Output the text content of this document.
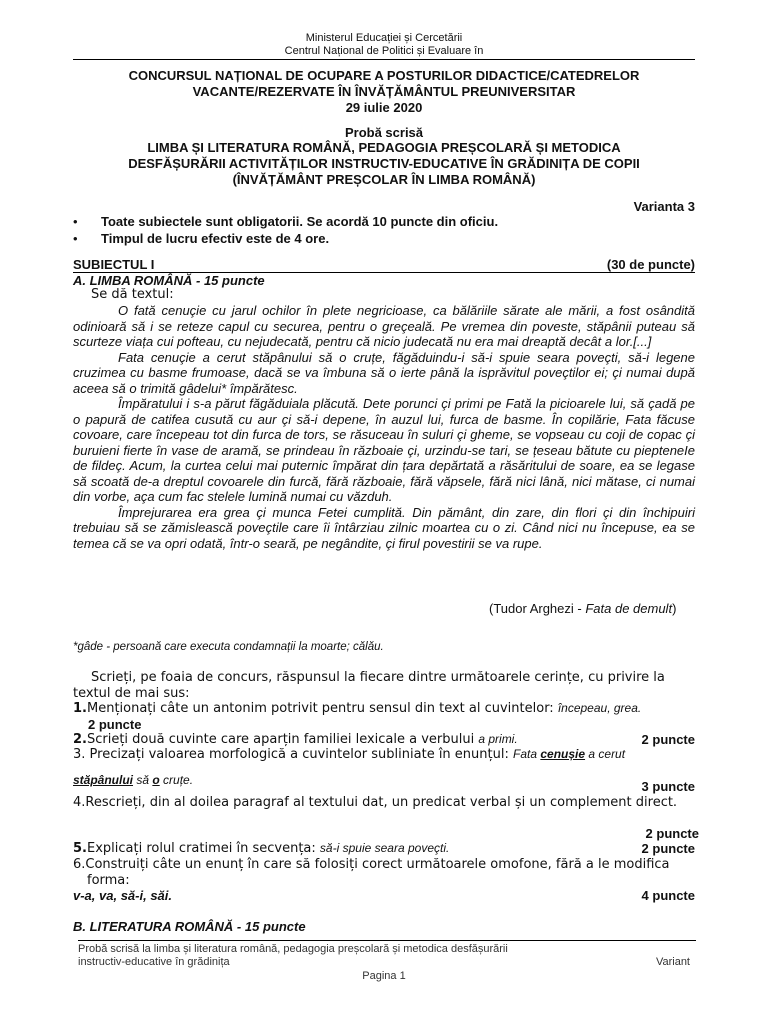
Ministerul Educației și Cercetării
Centrul Național de Politici și Evaluare în
CONCURSUL NAȚIONAL DE OCUPARE A POSTURILOR DIDACTICE/CATEDRELOR
VACANTE/REZERVATE ÎN ÎNVĂȚĂMÂNTUL PREUNIVERSITAR
29 iulie 2020
Probă scrisă
LIMBA ȘI LITERATURA ROMÂNĂ, PEDAGOGIA PREȘCOLARĂ ȘI METODICA
DESFĂȘURĂRII ACTIVITĂȚILOR INSTRUCTIV-EDUCATIVE ÎN GRĂDINIȚA DE COPII
(ÎNVĂȚĂMÂNT PREȘCOLAR ÎN LIMBA ROMÂNĂ)
Varianta 3
• Toate subiectele sunt obligatorii. Se acordă 10 puncte din oficiu.
• Timpul de lucru efectiv este de 4 ore.
SUBIECTUL I	(30 de puncte)
A. LIMBA ROMÂNĂ - 15 puncte
Se dă textul:

O fată cenuçie cu jarul ochilor în plete negricioase, ca bălăriile sărate ale mării, a fost osândită odinioară să i se reteze capul cu securea, pentru o greçeală. Pe vremea din poveste, stăpânii puteau să scurteze viața cui pofteau, cu nejudecată, pentru că nicio judecată nu era mai dreaptă decât a lor.[...]

Fata cenuçie a cerut stăpânului să o cruțe, făgăduindu-i să-i spuie seara poveçti, să-i legene cruzimea cu basme frumoase, dacă se va îmbuna să o ierte până la isprăvitul poveçtilor ei; çi numai după aceea să o trimită gâdelui* împărătesc.

Împăratului i s-a părut făgăduiala plăcută. Dete porunci çi primi pe Fată la picioarele lui, să çadă pe o papură de catifea cusută cu aur çi să-i depene, în auzul lui, furca de basme. În copilărie, Fata făcuse covoare, care începeau tot din furca de tors, se răsuceau în suluri çi gheme, se vopseau cu coji de copac çi buruieni fierte în vase de aramă, se prindeau în războaie çi, urzindu-se tari, se țeseau bătute cu piepteneIe de fildeç. Acum, la curtea celui mai puternic împărat din țara depărtată a răsăritului de soare, ea se legase să scoată de-a dreptul covoarele din furcă, fără războaie, fără văpsele, fără nici lână, nici mătase, ci numai din vorbe, aça cum fac stelele lumină numai cu văzduh.

Împrejurarea era grea çi munca Fetei cumplită. Din pământ, din zare, din flori çi din închipuiri trebuiau să se zămislească poveçtile care îi întârziau zilnic moartea cu o zi. Când nici nu începuse, ea se temea că se va opri odată, într-o seară, pe negândite, çi firul povestirii se va rupe.

(Tudor Arghezi - Fata de demult)
*gâde - persoană care executa condamnații la moarte; călău.
Scrieți, pe foaia de concurs, răspunsul la fiecare dintre următoarele cerințe, cu privire la textul de mai sus:
1.Menționați câte un antonim potrivit pentru sensul din text al cuvintelor: începeau, grea.
2 puncte
2.Scrieți două cuvinte care aparțin familiei lexicale a verbului a primi.	2 puncte
3. Precizați valoarea morfologică a cuvintelor subliniate în enunțul: Fata cenușie a cerut
stăpânului să o cruțe.	3 puncte
4.Rescrieți, din al doilea paragraf al textului dat, un predicat verbal și un complement direct.
2 puncte
5.Explicați rolul cratimei în secvența: să-i spuie seara poveçti.	2 puncte
6.Construiți câte un enunț în care să folosiți corect următoarele omofone, fără a le modifica forma:
v-a, va, să-i, săi.	4 puncte
B. LITERATURA ROMÂNĂ - 15 puncte
Probă scrisă la limba și literatura română, pedagogia preșcolară și metodica desfășurării
instructiv-educative în grădinița	Variant
Pagina 1
